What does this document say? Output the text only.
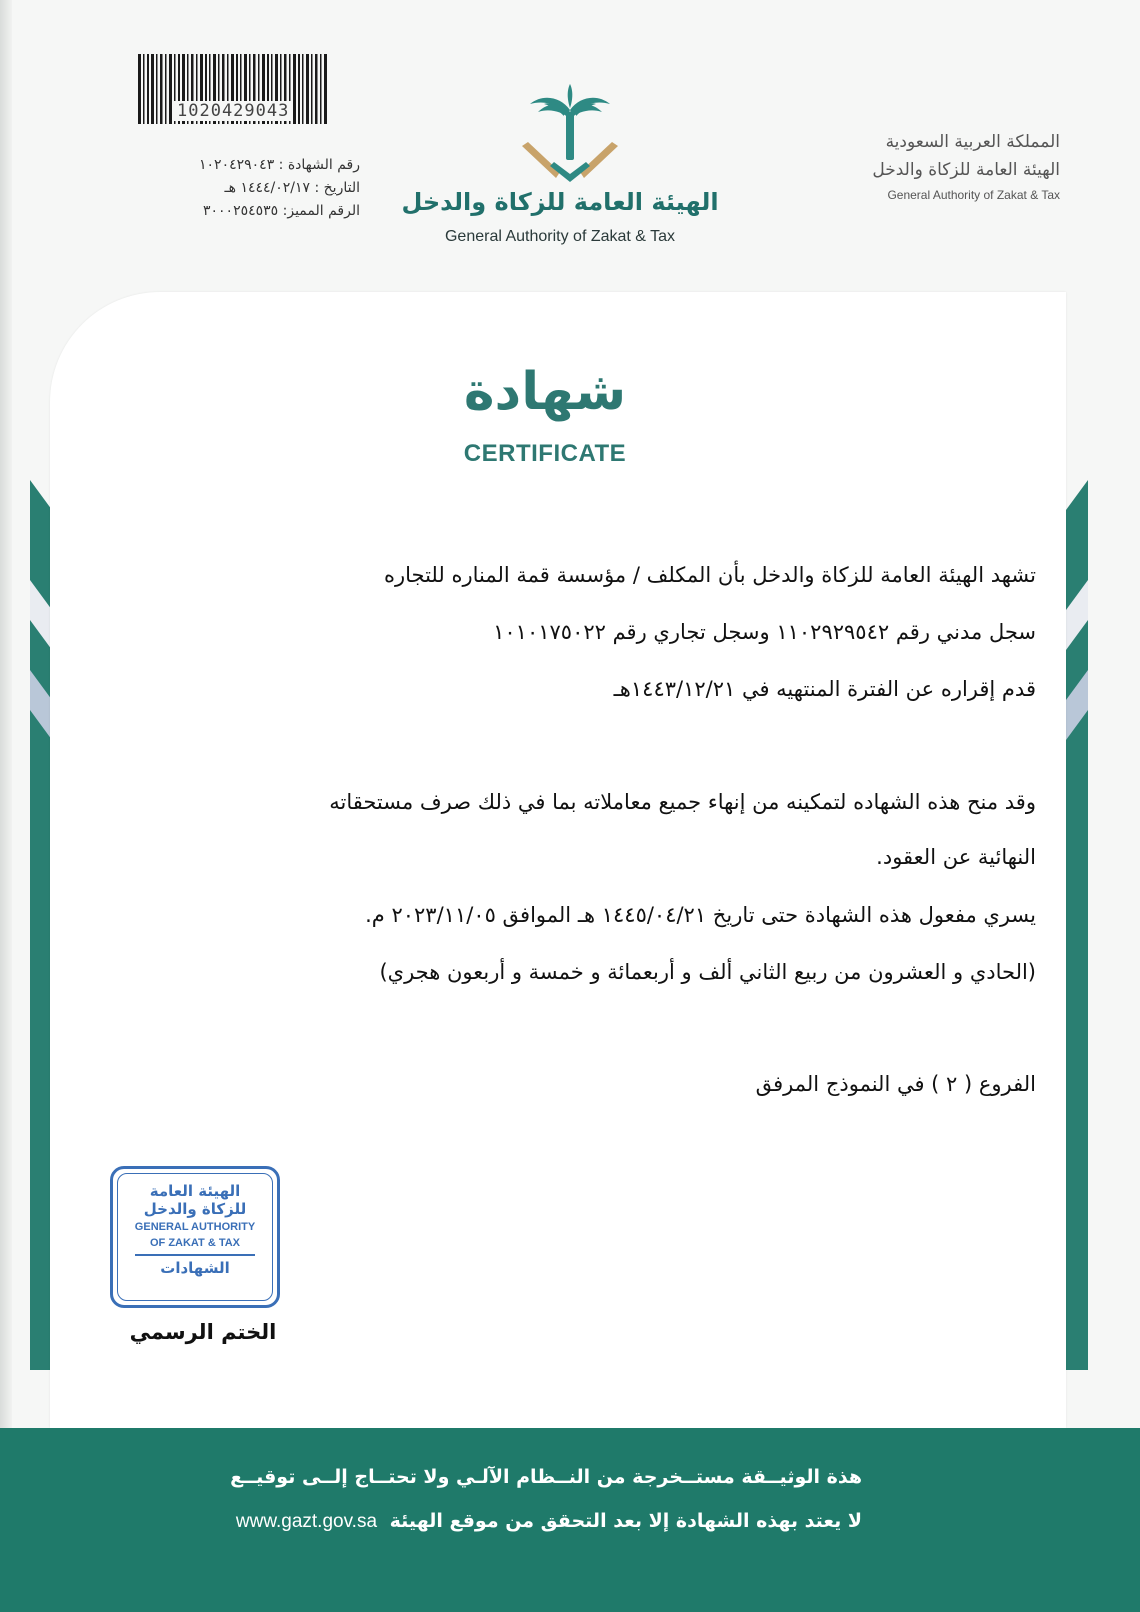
1020429043
رقم الشهادة : ١٠٢٠٤٢٩٠٤٣
التاريخ : ١٤٤٤/٠٢/١٧ هـ
الرقم المميز: ٣٠٠٠٢٥٤٥٣٥ الهيئة العامة للزكاة والدخل
General Authority of Zakat & Tax
المملكة العربية السعودية
الهيئة العامة للزكاة والدخل
General Authority of Zakat & Tax
شهادة
CERTIFICATE
تشهد الهيئة العامة للزكاة والدخل بأن المكلف / مؤسسة قمة المناره للتجاره
سجل مدني رقم ١١٠٢٩٢٩٥٤٢ وسجل تجاري رقم ١٠١٠١٧٥٠٢٢
قدم إقراره عن الفترة المنتهيه في ١٤٤٣/١٢/٢١هـ
وقد منح هذه الشهاده لتمكينه من إنهاء جميع معاملاته بما في ذلك صرف مستحقاته
النهائية عن العقود.
يسري مفعول هذه الشهادة حتى تاريخ ١٤٤٥/٠٤/٢١ هـ الموافق ٢٠٢٣/١١/٠٥ م.
(الحادي و العشرون من ربيع الثاني ألف و أربعمائة و خمسة و أربعون هجري)
الفروع ( ٢ ) في النموذج المرفق
الهيئة العامة
للزكاة والدخل
GENERAL AUTHORITY
OF ZAKAT & TAX
الشهادات
الختم الرسمي
هذة الوثيــقة مستــخرجة من النــظام الآلـي ولا تحتــاج إلــى توقيــع
لا يعتد بهذه الشهادة إلا بعد التحقق من موقع الهيئة www.gazt.gov.sa
